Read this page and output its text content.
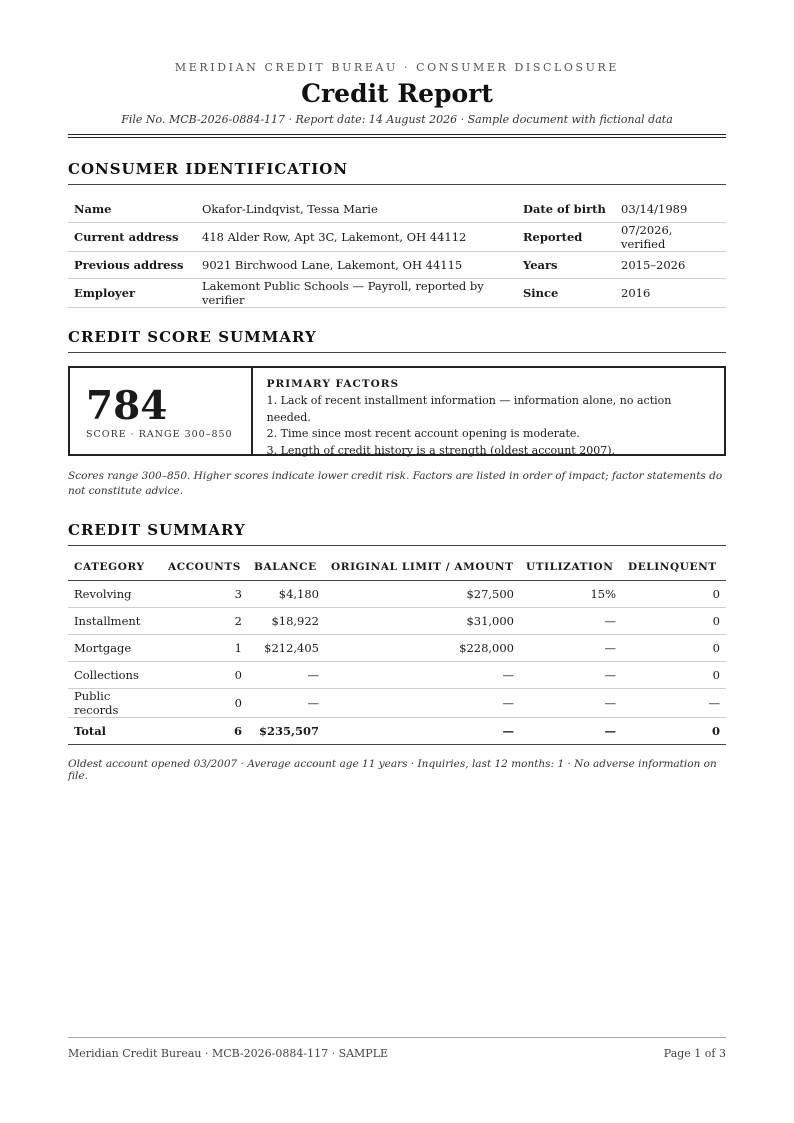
MERIDIAN CREDIT BUREAU · CONSUMER DISCLOSURE
Credit Report
File No. MCB-2026-0884-117 · Report date: 14 August 2026 · Sample document with fictional data
CONSUMER IDENTIFICATION
Name	Okafor-Lindqvist, Tessa Marie	Date of birth	03/14/1989
Current address	418 Alder Row, Apt 3C, Lakemont, OH 44112	Reported	07/2026, verified
Previous address	9021 Birchwood Lane, Lakemont, OH 44115	Years	2015–2026
Employer	Lakemont Public Schools — Payroll, reported by verifier	Since	2016
CREDIT SCORE SUMMARY
784
SCORE · RANGE 300–850
PRIMARY FACTORS
1. Lack of recent installment information — information alone, no action needed.
2. Time since most recent account opening is moderate.
3. Length of credit history is a strength (oldest account 2007).
Scores range 300–850. Higher scores indicate lower credit risk. Factors are listed in order of impact; factor statements do not constitute advice.
CREDIT SUMMARY
CATEGORY	ACCOUNTS	BALANCE	ORIGINAL LIMIT / AMOUNT	UTILIZATION	DELINQUENT
Revolving	3	$4,180	$27,500	15%	0
Installment	2	$18,922	$31,000	—	0
Mortgage	1	$212,405	$228,000	—	0
Collections	0	—	—	—	0
Public records	0	—	—	—	—
Total	6	$235,507	—	—	0
Oldest account opened 03/2007 · Average account age 11 years · Inquiries, last 12 months: 1 · No adverse information on file.
Meridian Credit Bureau · MCB-2026-0884-117 · SAMPLE	Page 1 of 3
